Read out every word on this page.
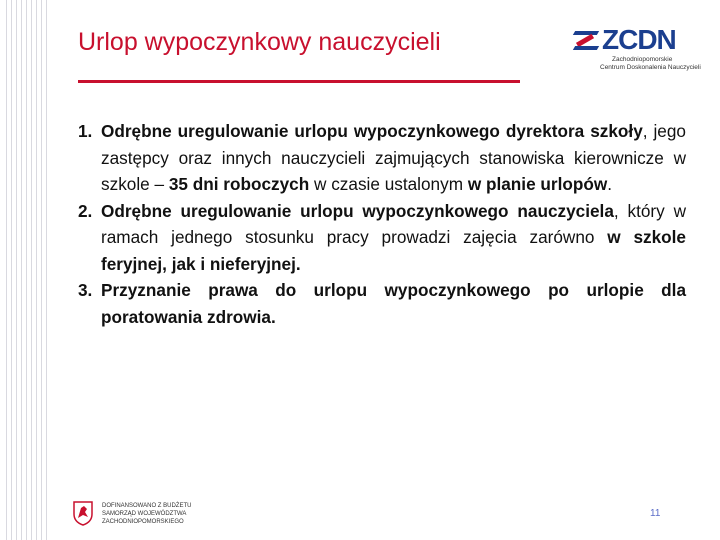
Urlop wypoczynkowy nauczycieli	ZCDN
Zachodniopomorskie
Centrum Doskonalenia Nauczycieli
1. Odrębne uregulowanie urlopu wypoczynkowego dyrektora szkoły, jego zastępcy oraz innych nauczycieli zajmujących stanowiska kierownicze w szkole – 35 dni roboczych w czasie ustalonym w planie urlopów.
2. Odrębne uregulowanie urlopu wypoczynkowego nauczyciela, który w ramach jednego stosunku pracy prowadzi zajęcia zarówno w szkole feryjnej, jak i nieferyjnej.
3. Przyznanie prawa do urlopu wypoczynkowego po urlopie dla poratowania zdrowia.
DOFINANSOWANO Z BUDŻETU
SAMORZĄD WOJEWÓDZTWA
ZACHODNIOPOMORSKIEGO
11
